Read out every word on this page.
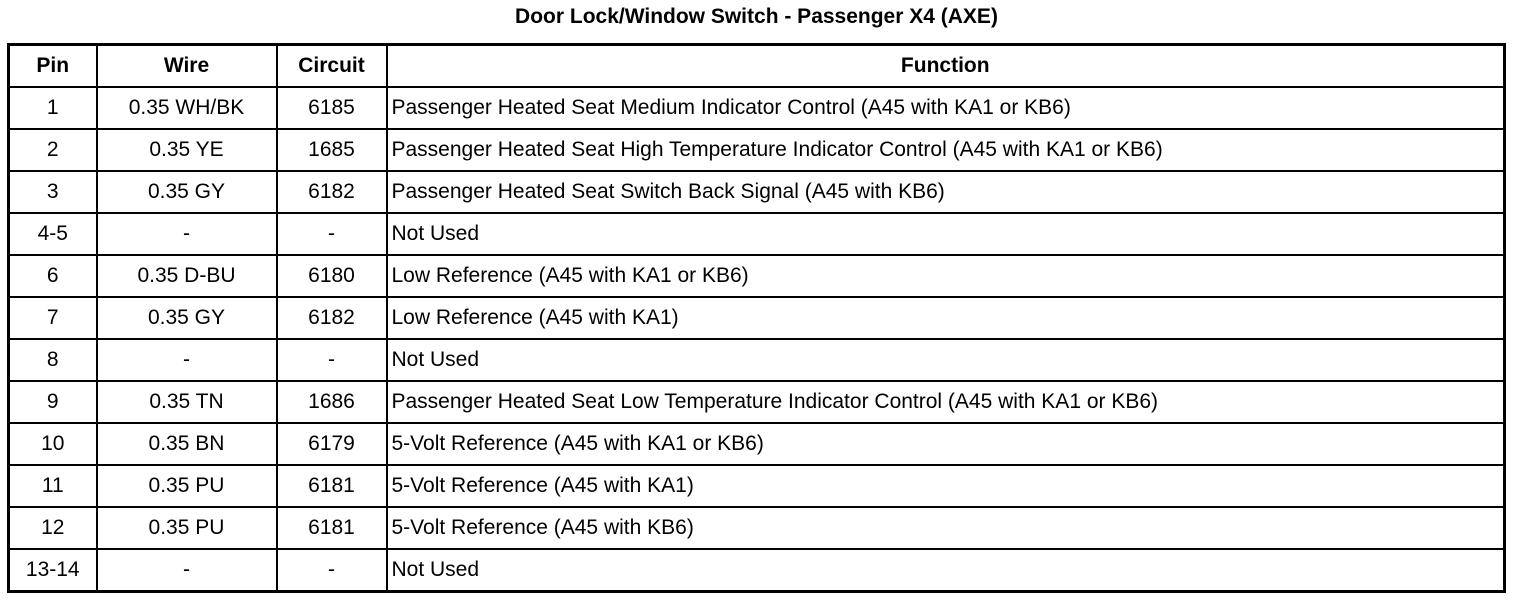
Door Lock/Window Switch - Passenger X4 (AXE)
Pin	Wire	Circuit	Function
1	0.35 WH/BK	6185	Passenger Heated Seat Medium Indicator Control (A45 with KA1 or KB6)
2	0.35 YE	1685	Passenger Heated Seat High Temperature Indicator Control (A45 with KA1 or KB6)
3	0.35 GY	6182	Passenger Heated Seat Switch Back Signal (A45 with KB6)
4-5	-	-	Not Used
6	0.35 D-BU	6180	Low Reference (A45 with KA1 or KB6)
7	0.35 GY	6182	Low Reference (A45 with KA1)
8	-	-	Not Used
9	0.35 TN	1686	Passenger Heated Seat Low Temperature Indicator Control (A45 with KA1 or KB6)
10	0.35 BN	6179	5-Volt Reference (A45 with KA1 or KB6)
11	0.35 PU	6181	5-Volt Reference (A45 with KA1)
12	0.35 PU	6181	5-Volt Reference (A45 with KB6)
13-14	-	-	Not Used
